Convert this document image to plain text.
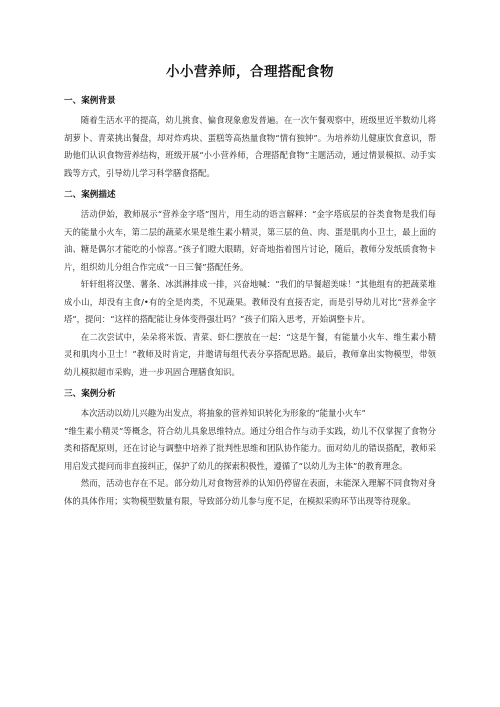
小小营养师，合理搭配食物
一、案例背景

随着生活水平的提高，幼儿挑食、偏食现象愈发普遍。在一次午餐观察中，班级里近半数幼儿将胡萝卜、青菜挑出餐盘，却对炸鸡块、蛋糕等高热量食物“情有独钟”。为培养幼儿健康饮食意识，帮助他们认识食物营养结构，班级开展“小小营养师，合理搭配食物”主题活动，通过情景模拟、动手实践等方式，引导幼儿学习科学膳食搭配。

二、案例描述

活动伊始，教师展示“营养金字塔”图片，用生动的语言解释：“金字塔底层的谷类食物是我们每天的能量小火车，第二层的蔬菜水果是维生素小精灵，第三层的鱼、肉、蛋是肌肉小卫士，最上面的油、糖是偶尔才能吃的小惊喜。”孩子们瞪大眼睛，好奇地指着图片讨论，随后，教师分发纸质食物卡片，组织幼儿分组合作完成“一日三餐”搭配任务。

轩轩组将汉堡、薯条、冰淇淋排成一排，兴奋地喊：“我们的早餐超美味！”其他组有的把蔬菜堆成小山，却没有主食/•有的全是肉类，不见蔬果。教师没有直接否定，而是引导幼儿对比“营养金字塔”，提问：“这样的搭配能让身体变得强壮吗？”孩子们陷入思考，开始调整卡片。

在二次尝试中，朵朵将米饭、青菜、虾仁摆放在一起：“这是午餐，有能量小火车、维生素小精灵和肌肉小卫士！”教师及时肯定，并邀请每组代表分享搭配思路。最后，教师拿出实物模型，带领幼儿模拟超市采购，进一步巩固合理膳食知识。

三、案例分析

本次活动以幼儿兴趣为出发点，将抽象的营养知识转化为形象的“能量小火车”

“维生素小精灵”等概念，符合幼儿具象思维特点。通过分组合作与动手实践，幼儿不仅掌握了食物分类和搭配原则，还在讨论与调整中培养了批判性思维和团队协作能力。面对幼儿的错误搭配，教师采用启发式提问而非直接纠正，保护了幼儿的探索积极性，遵循了“以幼儿为主体”的教育理念。

然而，活动也存在不足。部分幼儿对食物营养的认知仍停留在表面，未能深入理解不同食物对身体的具体作用；实物模型数量有限，导致部分幼儿参与度不足，在模拟采购环节出现等待现象。
